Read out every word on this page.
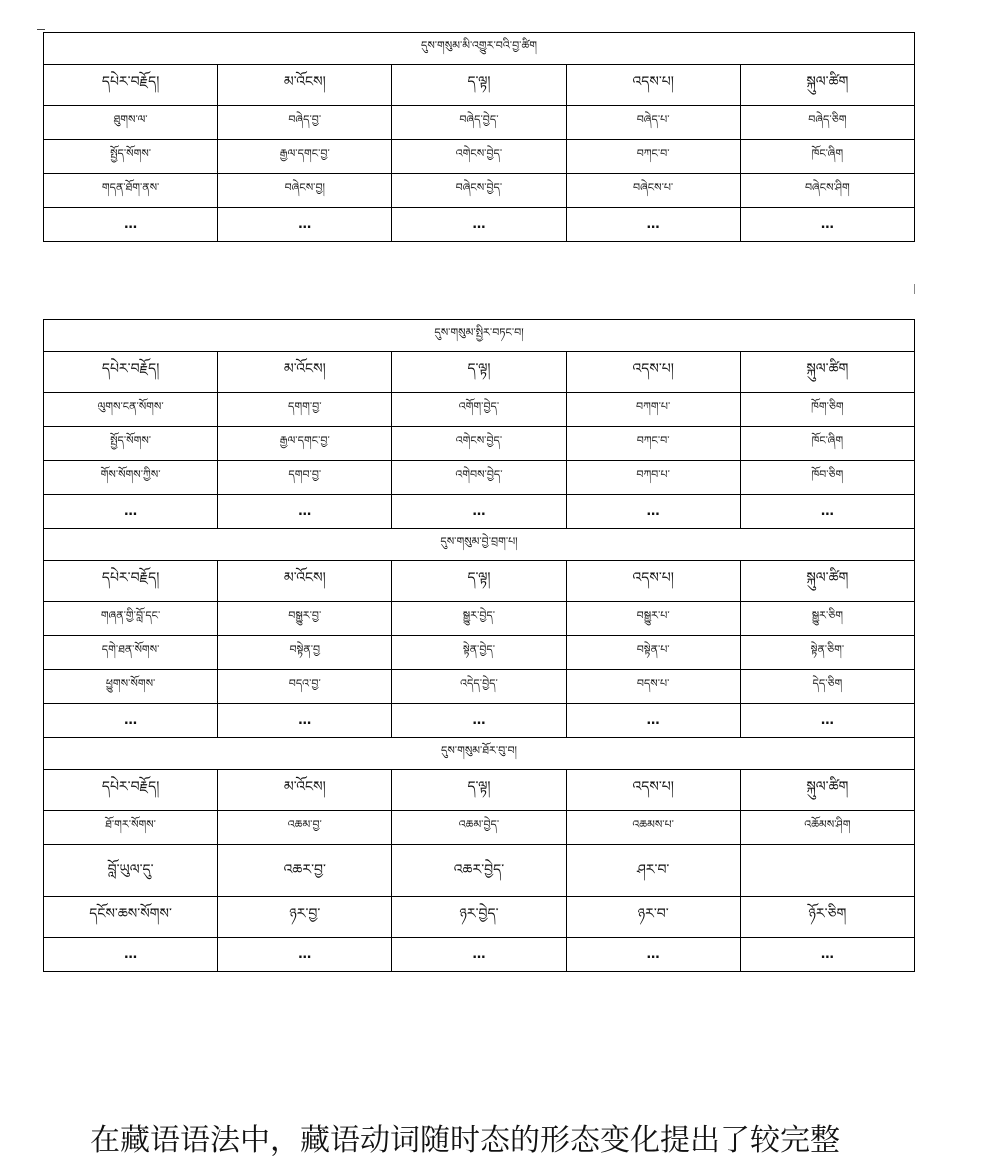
དུས་གསུམ་མི་འགྱུར་བའི་བྱ་ཚིག				
དཔེར་བརྗོད།	མ་འོངས།	ད་ལྟ།	འདས་པ།	སྐུལ་ཚིག
ཐུགས་ལ་	བཞེད་བྱ་	བཞེད་བྱེད་	བཞེད་པ་	བཞེད་ཅིག
སྤྱོད་སོགས་	རྒྱལ་དགང་བྱ་	འགེངས་བྱེད་	བཀང་བ་	ཁོང་ཞིག
གདན་ཐོག་ནས་	བཞེངས་བྱ།	བཞེངས་བྱེད་	བཞེངས་པ་	བཞེངས་ཤིག
…	…	…	…	…
དུས་གསུམ་སྤྱིར་བཏང་བ།				
དཔེར་བརྗོད།	མ་འོངས།	ད་ལྟ།	འདས་པ།	སྐུལ་ཚིག
ལུགས་ངན་སོགས་	དགག་བྱ་	འགོག་བྱེད་	བཀག་པ་	ཁོག་ཅིག
སྤྱོད་སོགས་	རྒྱལ་དགང་བྱ་	འགེངས་བྱེད་	བཀང་བ་	ཁོང་ཞིག
གོས་སོགས་ཀྱིས་	དགབ་བྱ་	འགེབས་བྱེད་	བཀབ་པ་	ཁོབ་ཅིག
…	…	…	…	…
དུས་གསུམ་བྱེ་བྲག་པ།				
དཔེར་བརྗོད།	མ་འོངས།	ད་ལྟ།	འདས་པ།	སྐུལ་ཚིག
གཞན་གྱི་བློ་དང་	བསྒྱུར་བྱ་	སྒྱུར་བྱེད་	བསྒྱུར་པ་	སྒྱུར་ཅིག
དགེ་ཐན་སོགས་	བསྟེན་བྱ	སྟེན་བྱེད་	བསྟེན་པ་	སྟེན་ཅིག་
ཕྱུགས་སོགས་	བདའ་བྱ་	འདེད་བྱེད་	བདས་པ་	དེད་ཅིག
…	…	…	…	…
དུས་གསུམ་ཐོར་བུ་བ།				
དཔེར་བརྗོད།	མ་འོངས།	ད་ལྟ།	འདས་པ།	སྐུལ་ཚིག
ཐོ་གར་སོགས་	འཆམ་བྱ་	འཆམ་བྱེད་	འཆམས་པ་	འཆོམས་ཤིག
བློ་ཡུལ་དུ་	འཆར་བྱ་	འཆར་བྱེད་	ཤར་བ་	
དངོས་ཆས་སོགས་	ཉར་བྱ་	ཉར་བྱེད་	ཉར་བ་	ཉོར་ཅིག
…	…	…	…	…
在藏语语法中，藏语动词随时态的形态变化提出了较完整
